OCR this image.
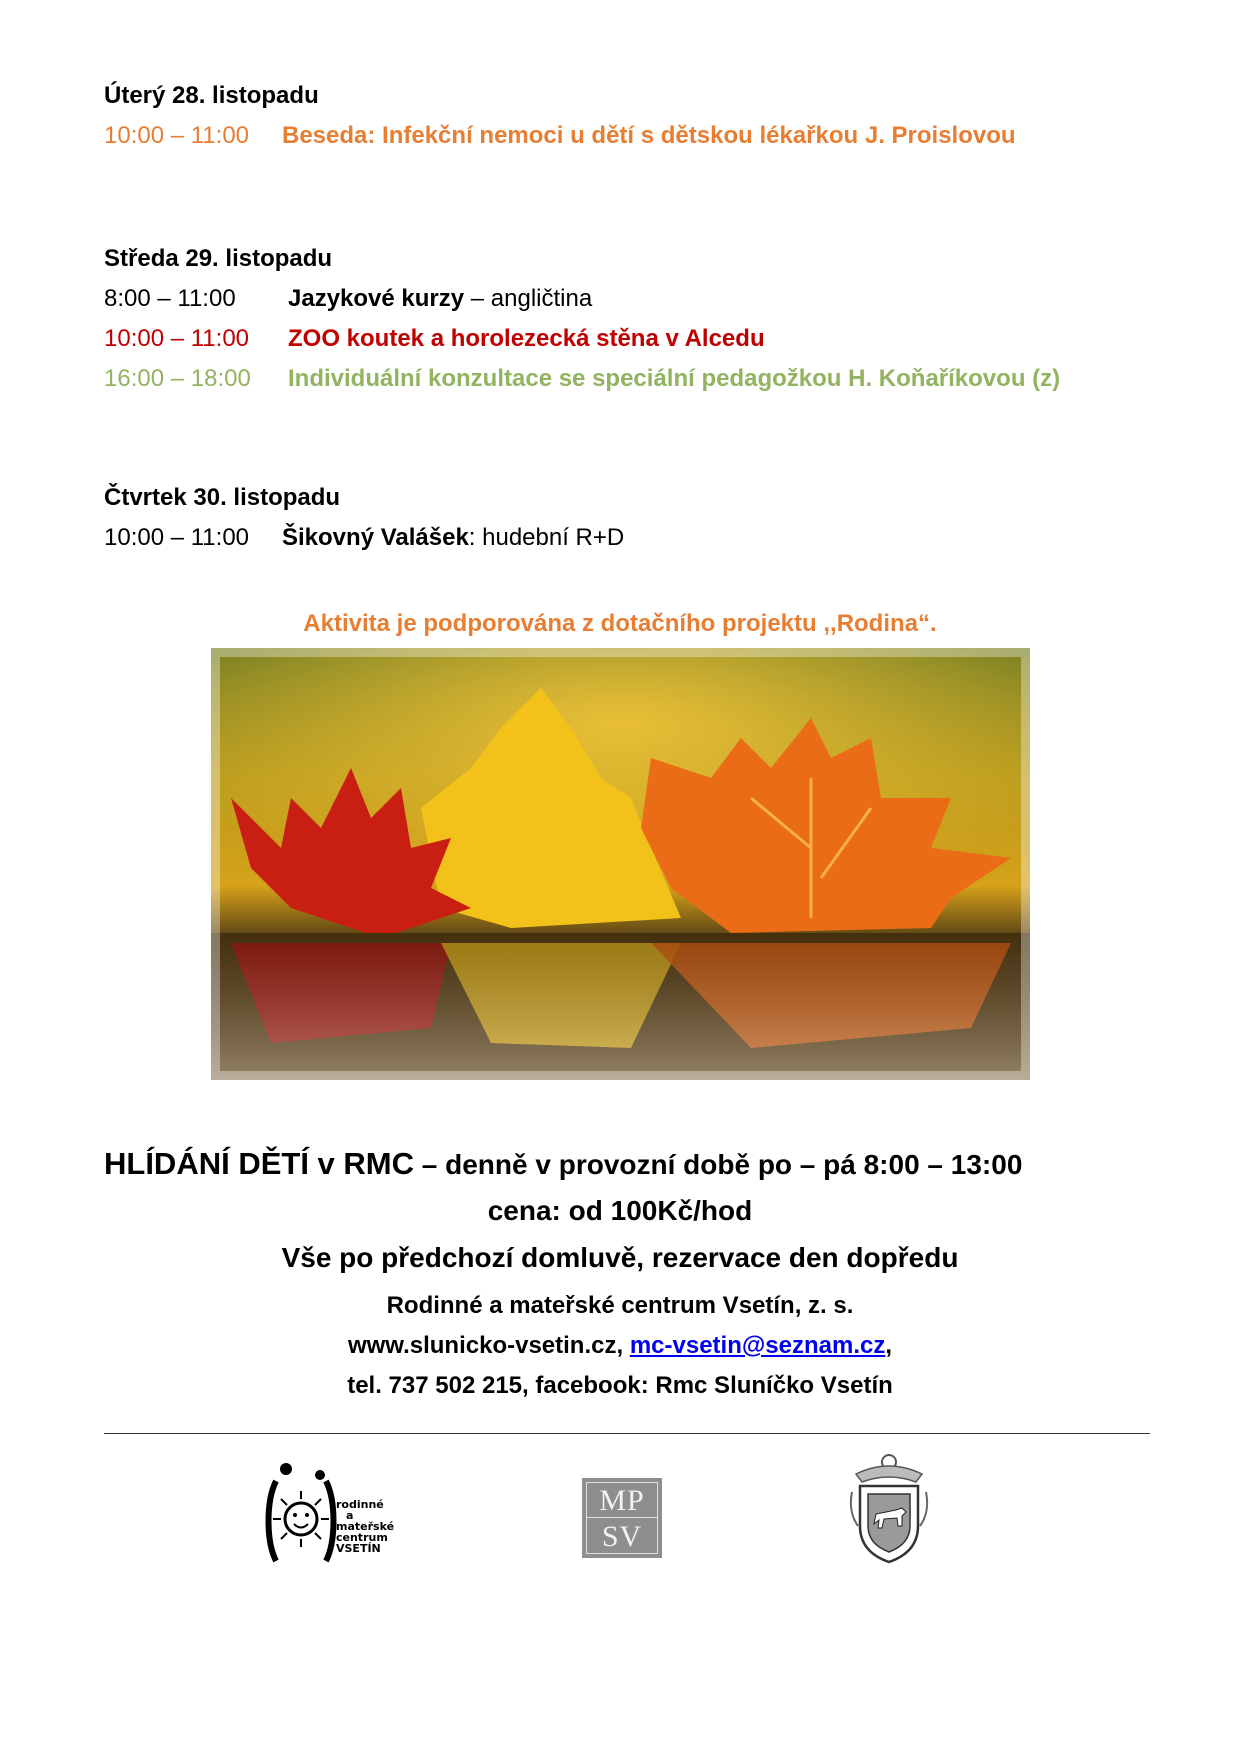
Úterý 28. listopadu
10:00 – 11:00 Beseda: Infekční nemoci u dětí s dětskou lékařkou J. Proislovou
Středa 29. listopadu
8:00 – 11:00 Jazykové kurzy – angličtina
10:00 – 11:00 ZOO koutek a horolezecká stěna v Alcedu
16:00 – 18:00 Individuální konzultace se speciální pedagožkou H. Koňaříkovou (z)
Čtvrtek 30. listopadu
10:00 – 11:00 Šikovný Valášek: hudební R+D
Aktivita je podporována z dotačního projektu ,,Rodina“.
HLÍDÁNÍ DĚTÍ v RMC – denně v provozní době po – pá 8:00 – 13:00
cena: od 100Kč/hod
Vše po předchozí domluvě, rezervace den dopředu
Rodinné a mateřské centrum Vsetín, z. s.
www.slunicko-vsetin.cz, mc-vsetin@seznam.cz,
tel. 737 502 215, facebook: Rmc Sluníčko Vsetín
rodinné
a
mateřské
centrum
VSETÍN
MP
SV
